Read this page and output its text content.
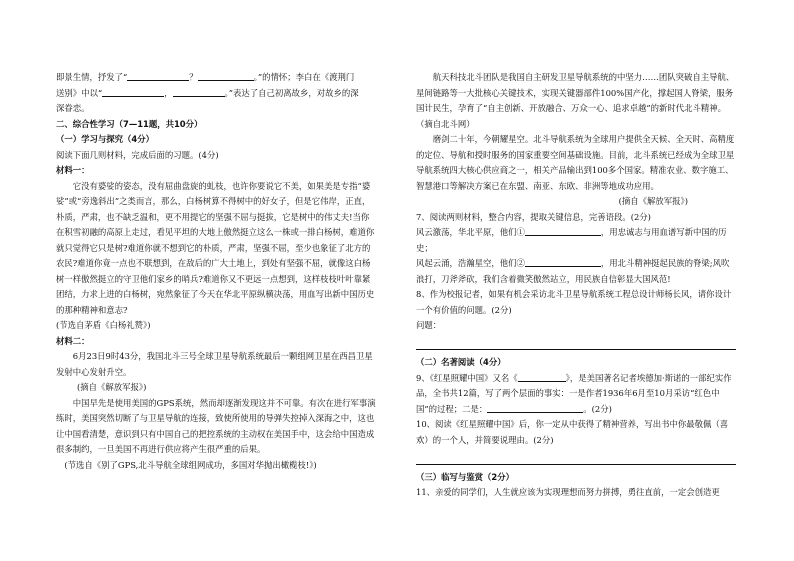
即景生情，抒发了“	？	。”的情怀；李白在《渡荆门

送别》中以“	，	。”表达了自己初离故乡，对故乡的深

深眷恋。

二、综合性学习（7—11题，共10分）

（一）学习与探究（4分）

阅读下面几则材料，完成后面的习题。(4分)

材料一：

它没有婆娑的姿态，没有屈曲盘旋的虬枝，也许你要说它不美，如果美是专指“婆娑”或“旁逸斜出”之类而言，那么，白杨树算不得树中的好女子，但是它伟岸，正直，朴质，严肃，也不缺乏温和，更不用提它的坚强不屈与挺拔，它是树中的伟丈夫!当你在积雪初融的高原上走过，看见平坦的大地上傲然挺立这么一株或一排白杨树，难道你就只觉得它只是树?难道你就不想到它的朴质，严肃，坚强不屈，至少也象征了北方的农民?难道你竟一点也不联想到，在敌后的广大土地上，到处有坚强不屈，就像这白杨树一样傲然挺立的守卫他们家乡的哨兵?难道你又不更远一点想到，这样枝枝叶叶靠紧团结，力求上进的白杨树，宛然象征了今天在华北平原纵横决荡，用血写出新中国历史的那种精神和意志?

(节选自茅盾《白杨礼赞》)

材料二：

6月23日9时43分，我国北斗三号全球卫星导航系统最后一颗组网卫星在西昌卫星发射中心发射升空。

(摘自《解放军报》)

中国早先是使用美国的GPS系统，然而却逐渐发现这并不可靠。有次在进行军事演练时，美国突然切断了与卫星导航的连接，致使所使用的导弹失控掉入深海之中，这也让中国看清楚，意识到只有中国自己的把控系统的主动权在美国手中，这会给中国造成很多制约，一旦美国不再进行供应将产生很严重的后果。

(节选自《别了GPS,北斗导航全球组网成功，多国对华抛出橄榄枝!》)

航天科技北斗团队是我国自主研发卫星导航系统的中坚力……团队突破自主导航、星间链路等一大批核心关键技术，实现关键器部件100%国产化，撑起国人脊梁，服务国计民生，孕育了“自主创新、开放融合、万众一心、追求卓越”的新时代北斗精神。（摘自北斗网）

磨剑二十年，今朝耀星空。北斗导航系统为全球用户提供全天候、全天时、高精度的定位、导航和授时服务的国家重要空间基础设施。目前，北斗系统已经成为全球卫星导航系统四大核心供应商之一，相关产品输出到100多个国家。精准农业、数字施工、智慧港口等解决方案已在东盟、南亚、东欧、非洲等地成功应用。

(摘自《解放军报》)

7、阅读两则材料，整合内容，提取关键信息，完善语段。(2分)

风云激荡，华北平原，他们①	，用忠诚志与用血谱写新中国的历史；

风起云涌，浩瀚星空，他们②	，用北斗精神挺起民族的脊梁;风吹

浪打，刀斧斧砍，我们含着微笑傲然站立，用民族自信彰显大国风范!

8、作为校报记者，如果有机会采访北斗卫星导航系统工程总设计师杨长风，请你设计一个有价值的问题。(2分)

问题：

（二）名著阅读（4分）

9、《红星照耀中国》又名《	》，是美国著名记者埃德加·斯诺的一部纪实作品，全书共12篇，写了两个层面的事实：一是作者1936年6月至10月采访“红色中国”的过程；二是：	。(2分)

10、阅读《红星照耀中国》后，你一定从中获得了精神营养，写出书中你最敬佩（喜欢）的一个人，并简要说理由。(2分)

（三）临写与鉴赏（2分）

11、亲爱的同学们，人生就应该为实现理想而努力拼搏，勇往直前，一定会创造更
